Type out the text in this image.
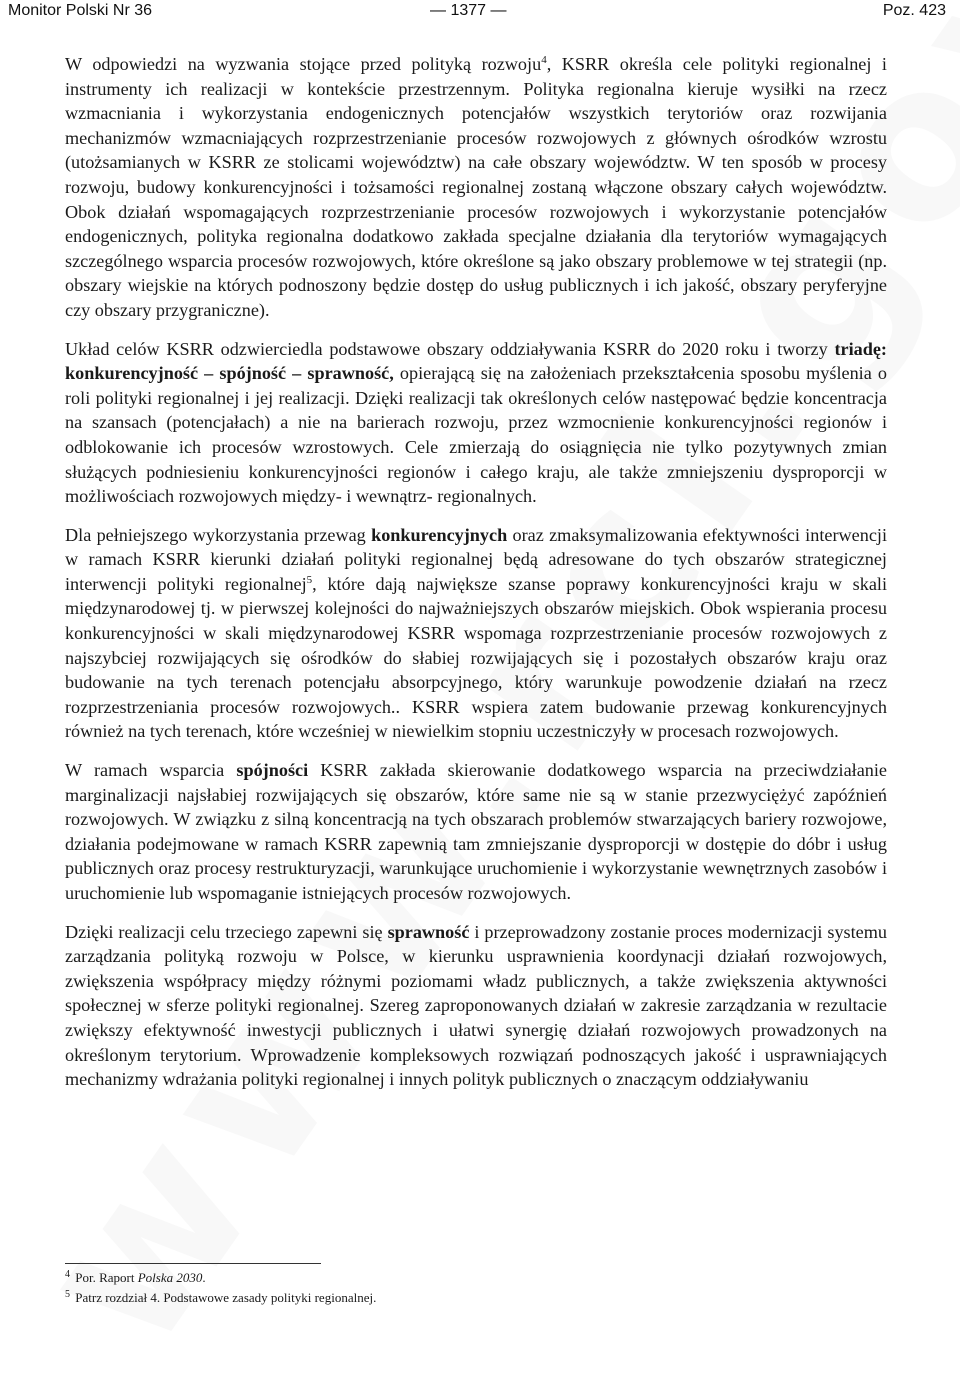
Monitor Polski Nr 36	— 1377 —	Poz. 423

W odpowiedzi na wyzwania stojące przed polityką rozwoju$^4$, KSRR określa cele polityki regionalnej i instrumenty ich realizacji w kontekście przestrzennym. Polityka regionalna kieruje wysiłki na rzecz wzmacniania i wykorzystania endogenicznych potencjałów wszystkich terytoriów oraz rozwijania mechanizmów wzmacniających rozprzestrzenianie procesów rozwojowych z głównych ośrodków wzrostu (utożsamianych w KSRR ze stolicami województw) na całe obszary województw. W ten sposób w procesy rozwoju, budowy konkurencyjności i tożsamości regionalnej zostaną włączone obszary całych województw. Obok działań wspomagających rozprzestrzenianie procesów rozwojowych i wykorzystanie potencjałów endogenicznych, polityka regionalna dodatkowo zakłada specjalne działania dla terytoriów wymagających szczególnego wsparcia procesów rozwojowych, które określone są jako obszary problemowe w tej strategii (np. obszary wiejskie na których podnoszony będzie dostęp do usług publicznych i ich jakość, obszary peryferyjne czy obszary przygraniczne).

Układ celów KSRR odzwierciedla podstawowe obszary oddziaływania KSRR do 2020 roku i tworzy triadę: konkurencyjność – spójność – sprawność, opierającą się na założeniach przekształcenia sposobu myślenia o roli polityki regionalnej i jej realizacji. Dzięki realizacji tak określonych celów następować będzie koncentracja na szansach (potencjałach) a nie na barierach rozwoju, przez wzmocnienie konkurencyjności regionów i odblokowanie ich procesów wzrostowych. Cele zmierzają do osiągnięcia nie tylko pozytywnych zmian służących podniesieniu konkurencyjności regionów i całego kraju, ale także zmniejszeniu dysproporcji w możliwościach rozwojowych między- i wewnątrz- regionalnych.

Dla pełniejszego wykorzystania przewag konkurencyjnych oraz zmaksymalizowania efektywności interwencji w ramach KSRR kierunki działań polityki regionalnej będą adresowane do tych obszarów strategicznej interwencji polityki regionalnej$^5$, które dają największe szanse poprawy konkurencyjności kraju w skali międzynarodowej tj. w pierwszej kolejności do najważniejszych obszarów miejskich. Obok wspierania procesu konkurencyjności w skali międzynarodowej KSRR wspomaga rozprzestrzenianie procesów rozwojowych z najszybciej rozwijających się ośrodków do słabiej rozwijających się i pozostałych obszarów kraju oraz budowanie na tych terenach potencjału absorpcyjnego, który warunkuje powodzenie działań na rzecz rozprzestrzeniania procesów rozwojowych.. KSRR wspiera zatem budowanie przewag konkurencyjnych również na tych terenach, które wcześniej w niewielkim stopniu uczestniczyły w procesach rozwojowych.

W ramach wsparcia spójności KSRR zakłada skierowanie dodatkowego wsparcia na przeciwdziałanie marginalizacji najsłabiej rozwijających się obszarów, które same nie są w stanie przezwyciężyć zapóźnień rozwojowych. W związku z silną koncentracją na tych obszarach problemów stwarzających bariery rozwojowe, działania podejmowane w ramach KSRR zapewnią tam zmniejszanie dysproporcji w dostępie do dóbr i usług publicznych oraz procesy restrukturyzacji, warunkujące uruchomienie i wykorzystanie wewnętrznych zasobów i uruchomienie lub wspomaganie istniejących procesów rozwojowych.

Dzięki realizacji celu trzeciego zapewni się sprawność i przeprowadzony zostanie proces modernizacji systemu zarządzania polityką rozwoju w Polsce, w kierunku usprawnienia koordynacji działań rozwojowych, zwiększenia współpracy między różnymi poziomami władz publicznych, a także zwiększenia aktywności społecznej w sferze polityki regionalnej. Szereg zaproponowanych działań w zakresie zarządzania w rezultacie zwiększy efektywność inwestycji publicznych i ułatwi synergię działań rozwojowych prowadzonych na określonym terytorium. Wprowadzenie kompleksowych rozwiązań podnoszących jakość i usprawniających mechanizmy wdrażania polityki regionalnej i innych polityk publicznych o znaczącym oddziaływaniu

$^4$ Por. Raport Polska 2030.

$^5$ Patrz rozdział 4. Podstawowe zasady polityki regionalnej.
